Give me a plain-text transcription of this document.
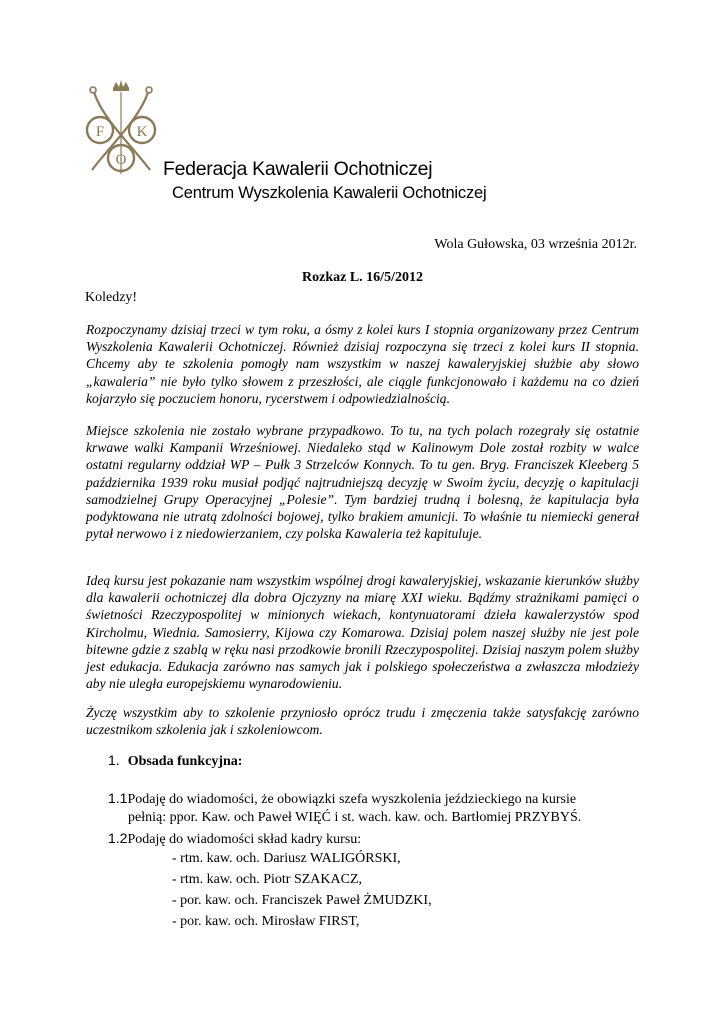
F K
O Federacja Kawalerii Ochotniczej
Centrum Wyszkolenia Kawalerii Ochotniczej
Wola Gułowska, 03 września 2012r.
Rozkaz L. 16/5/2012
Koledzy!

Rozpoczynamy dzisiaj trzeci w tym roku, a ósmy z kolei kurs I stopnia organizowany przez Centrum Wyszkolenia Kawalerii Ochotniczej. Również dzisiaj rozpoczyna się trzeci z kolei kurs II stopnia. Chcemy aby te szkolenia pomogły nam wszystkim w naszej kawaleryjskiej służbie aby słowo „kawaleria” nie było tylko słowem z przeszłości, ale ciągle funkcjonowało i każdemu na co dzień kojarzyło się poczuciem honoru, rycerstwem i odpowiedzialnością.

Miejsce szkolenia nie zostało wybrane przypadkowo. To tu, na tych polach rozegrały się ostatnie krwawe walki Kampanii Wrześniowej. Niedaleko stąd w Kalinowym Dole został rozbity w walce ostatni regularny oddział WP – Pułk 3 Strzelców Konnych. To tu gen. Bryg. Franciszek Kleeberg 5 października 1939 roku musiał podjąć najtrudniejszą decyzję w Swoim życiu, decyzję o kapitulacji samodzielnej Grupy Operacyjnej „Polesie”. Tym bardziej trudną i bolesną, że kapitulacja była podyktowana nie utratą zdolności bojowej, tylko brakiem amunicji. To właśnie tu niemiecki generał pytał nerwowo i z niedowierzaniem, czy polska Kawaleria też kapituluje.

Ideą kursu jest pokazanie nam wszystkim wspólnej drogi kawaleryjskiej, wskazanie kierunków służby dla kawalerii ochotniczej dla dobra Ojczyzny na miarę XXI wieku. Bądźmy strażnikami pamięci o świetności Rzeczypospolitej w minionych wiekach, kontynuatorami dzieła kawalerzystów spod Kircholmu, Wiednia. Samosierry, Kijowa czy Komarowa. Dzisiaj polem naszej służby nie jest pole bitewne gdzie z szablą w ręku nasi przodkowie bronili Rzeczypospolitej. Dzisiaj naszym polem służby jest edukacja. Edukacja zarówno nas samych jak i polskiego społeczeństwa a zwłaszcza młodzieży aby nie uległa europejskiemu wynarodowieniu.

Życzę wszystkim aby to szkolenie przyniosło oprócz trudu i zmęczenia także satysfakcję zarówno uczestnikom szkolenia jak i szkoleniowcom.

1. Obsada funkcyjna:
1.1Podaję do wiadomości, że obowiązki szefa wyszkolenia jeździeckiego na kursie
pełnią: ppor. Kaw. och Paweł WIĘĆ i st. wach. kaw. och. Bartłomiej PRZYBYŚ.
1.2Podaję do wiadomości skład kadry kursu:
- rtm. kaw. och. Dariusz WALIGÓRSKI,
- rtm. kaw. och. Piotr SZAKACZ,
- por. kaw. och. Franciszek Paweł ŻMUDZKI,
- por. kaw. och. Mirosław FIRST,
